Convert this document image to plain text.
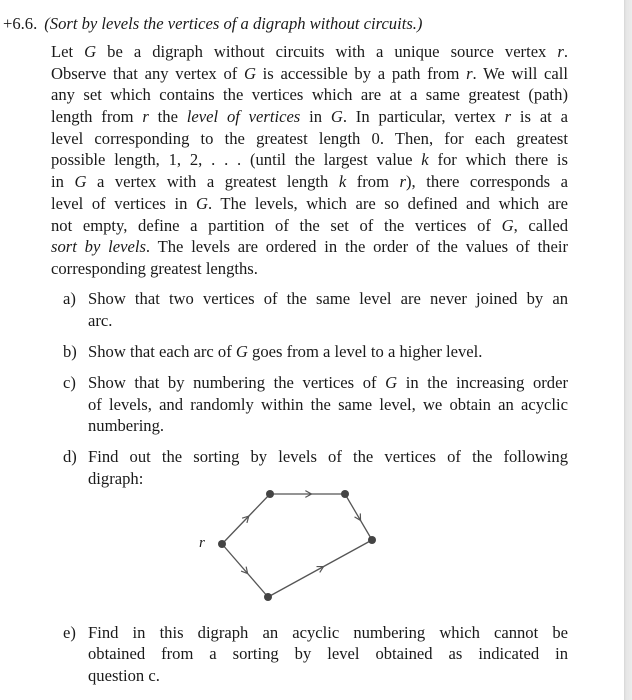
+6.6. (Sort by levels the vertices of a digraph without circuits.)
Let G be a digraph without circuits with a unique source vertex r.
Observe that any vertex of G is accessible by a path from r. We will call
any set which contains the vertices which are at a same greatest (path)
length from r the level of vertices in G. In particular, vertex r is at a
level corresponding to the greatest length 0. Then, for each greatest
possible length, 1, 2, . . . (until the largest value k for which there is
in G a vertex with a greatest length k from r), there corresponds a
level of vertices in G. The levels, which are so defined and which are
not empty, define a partition of the set of the vertices of G, called
sort by levels. The levels are ordered in the order of the values of their
corresponding greatest lengths.
a) Show that two vertices of the same level are never joined by an
arc.
b) Show that each arc of G goes from a level to a higher level.
c) Show that by numbering the vertices of G in the increasing order
of levels, and randomly within the same level, we obtain an acyclic
numbering.
d) Find out the sorting by levels of the vertices of the following
digraph:
e) Find in this digraph an acyclic numbering which cannot be
obtained from a sorting by level obtained as indicated in
question c.
r
